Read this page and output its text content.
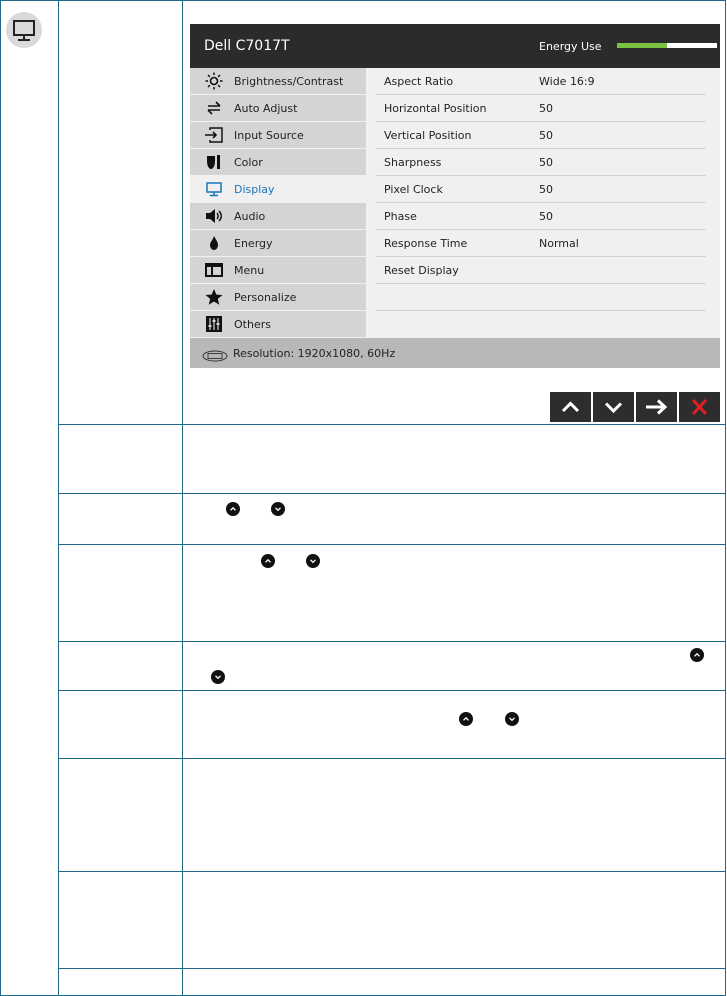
Dell C7017T	Energy Use
Brightness/Contrast
Auto Adjust
Input Source
Color
Display
Audio
Energy
Menu
Personalize
Others
Aspect Ratio	Wide 16:9
Horizontal Position	50
Vertical Position	50
Sharpness	50
Pixel Clock	50
Phase	50
Response Time	Normal
Reset Display
Resolution: 1920x1080, 60Hz
